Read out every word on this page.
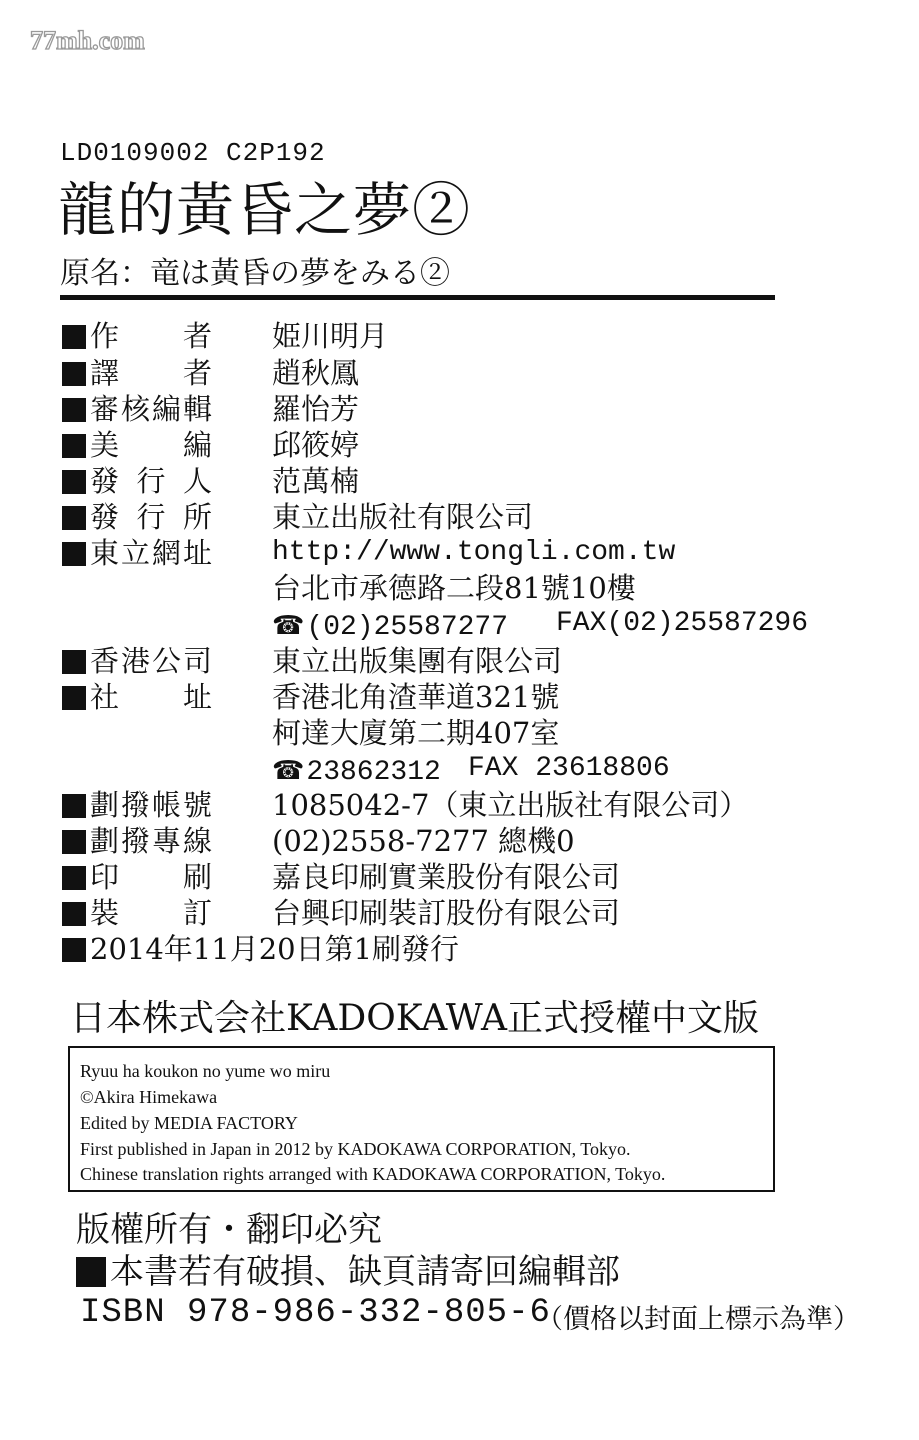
77mh.com
LD0109002 C2P192
龍的黃昏之夢②
原名：竜は黃昏の夢をみる②
作　者 姫川明月
譯　者 趙秋鳳
審核編輯 羅怡芳
美　編 邱筱婷
發行人 范萬楠
發行所 東立出版社有限公司
東立網址 http://www.tongli.com.tw
台北市承德路二段81號10樓
☎(02)25587277 FAX(02)25587296
香港公司 東立出版集團有限公司
社　址 香港北角渣華道321號
柯達大廈第二期407室
☎23862312 FAX 23618806
劃撥帳號 1085042-7（東立出版社有限公司）
劃撥專線 (02)2558-7277 總機0
印　刷 嘉良印刷實業股份有限公司
裝　訂 台興印刷裝訂股份有限公司
2014年11月20日第1刷發行
日本株式会社KADOKAWA正式授權中文版
Ryuu ha koukon no yume wo miru
©Akira Himekawa
Edited by MEDIA FACTORY
First published in Japan in 2012 by KADOKAWA CORPORATION, Tokyo.
Chinese translation rights arranged with KADOKAWA CORPORATION, Tokyo.
版權所有・翻印必究
本書若有破損、缺頁請寄回編輯部
ISBN 978-986-332-805-6
（價格以封面上標示為準）
